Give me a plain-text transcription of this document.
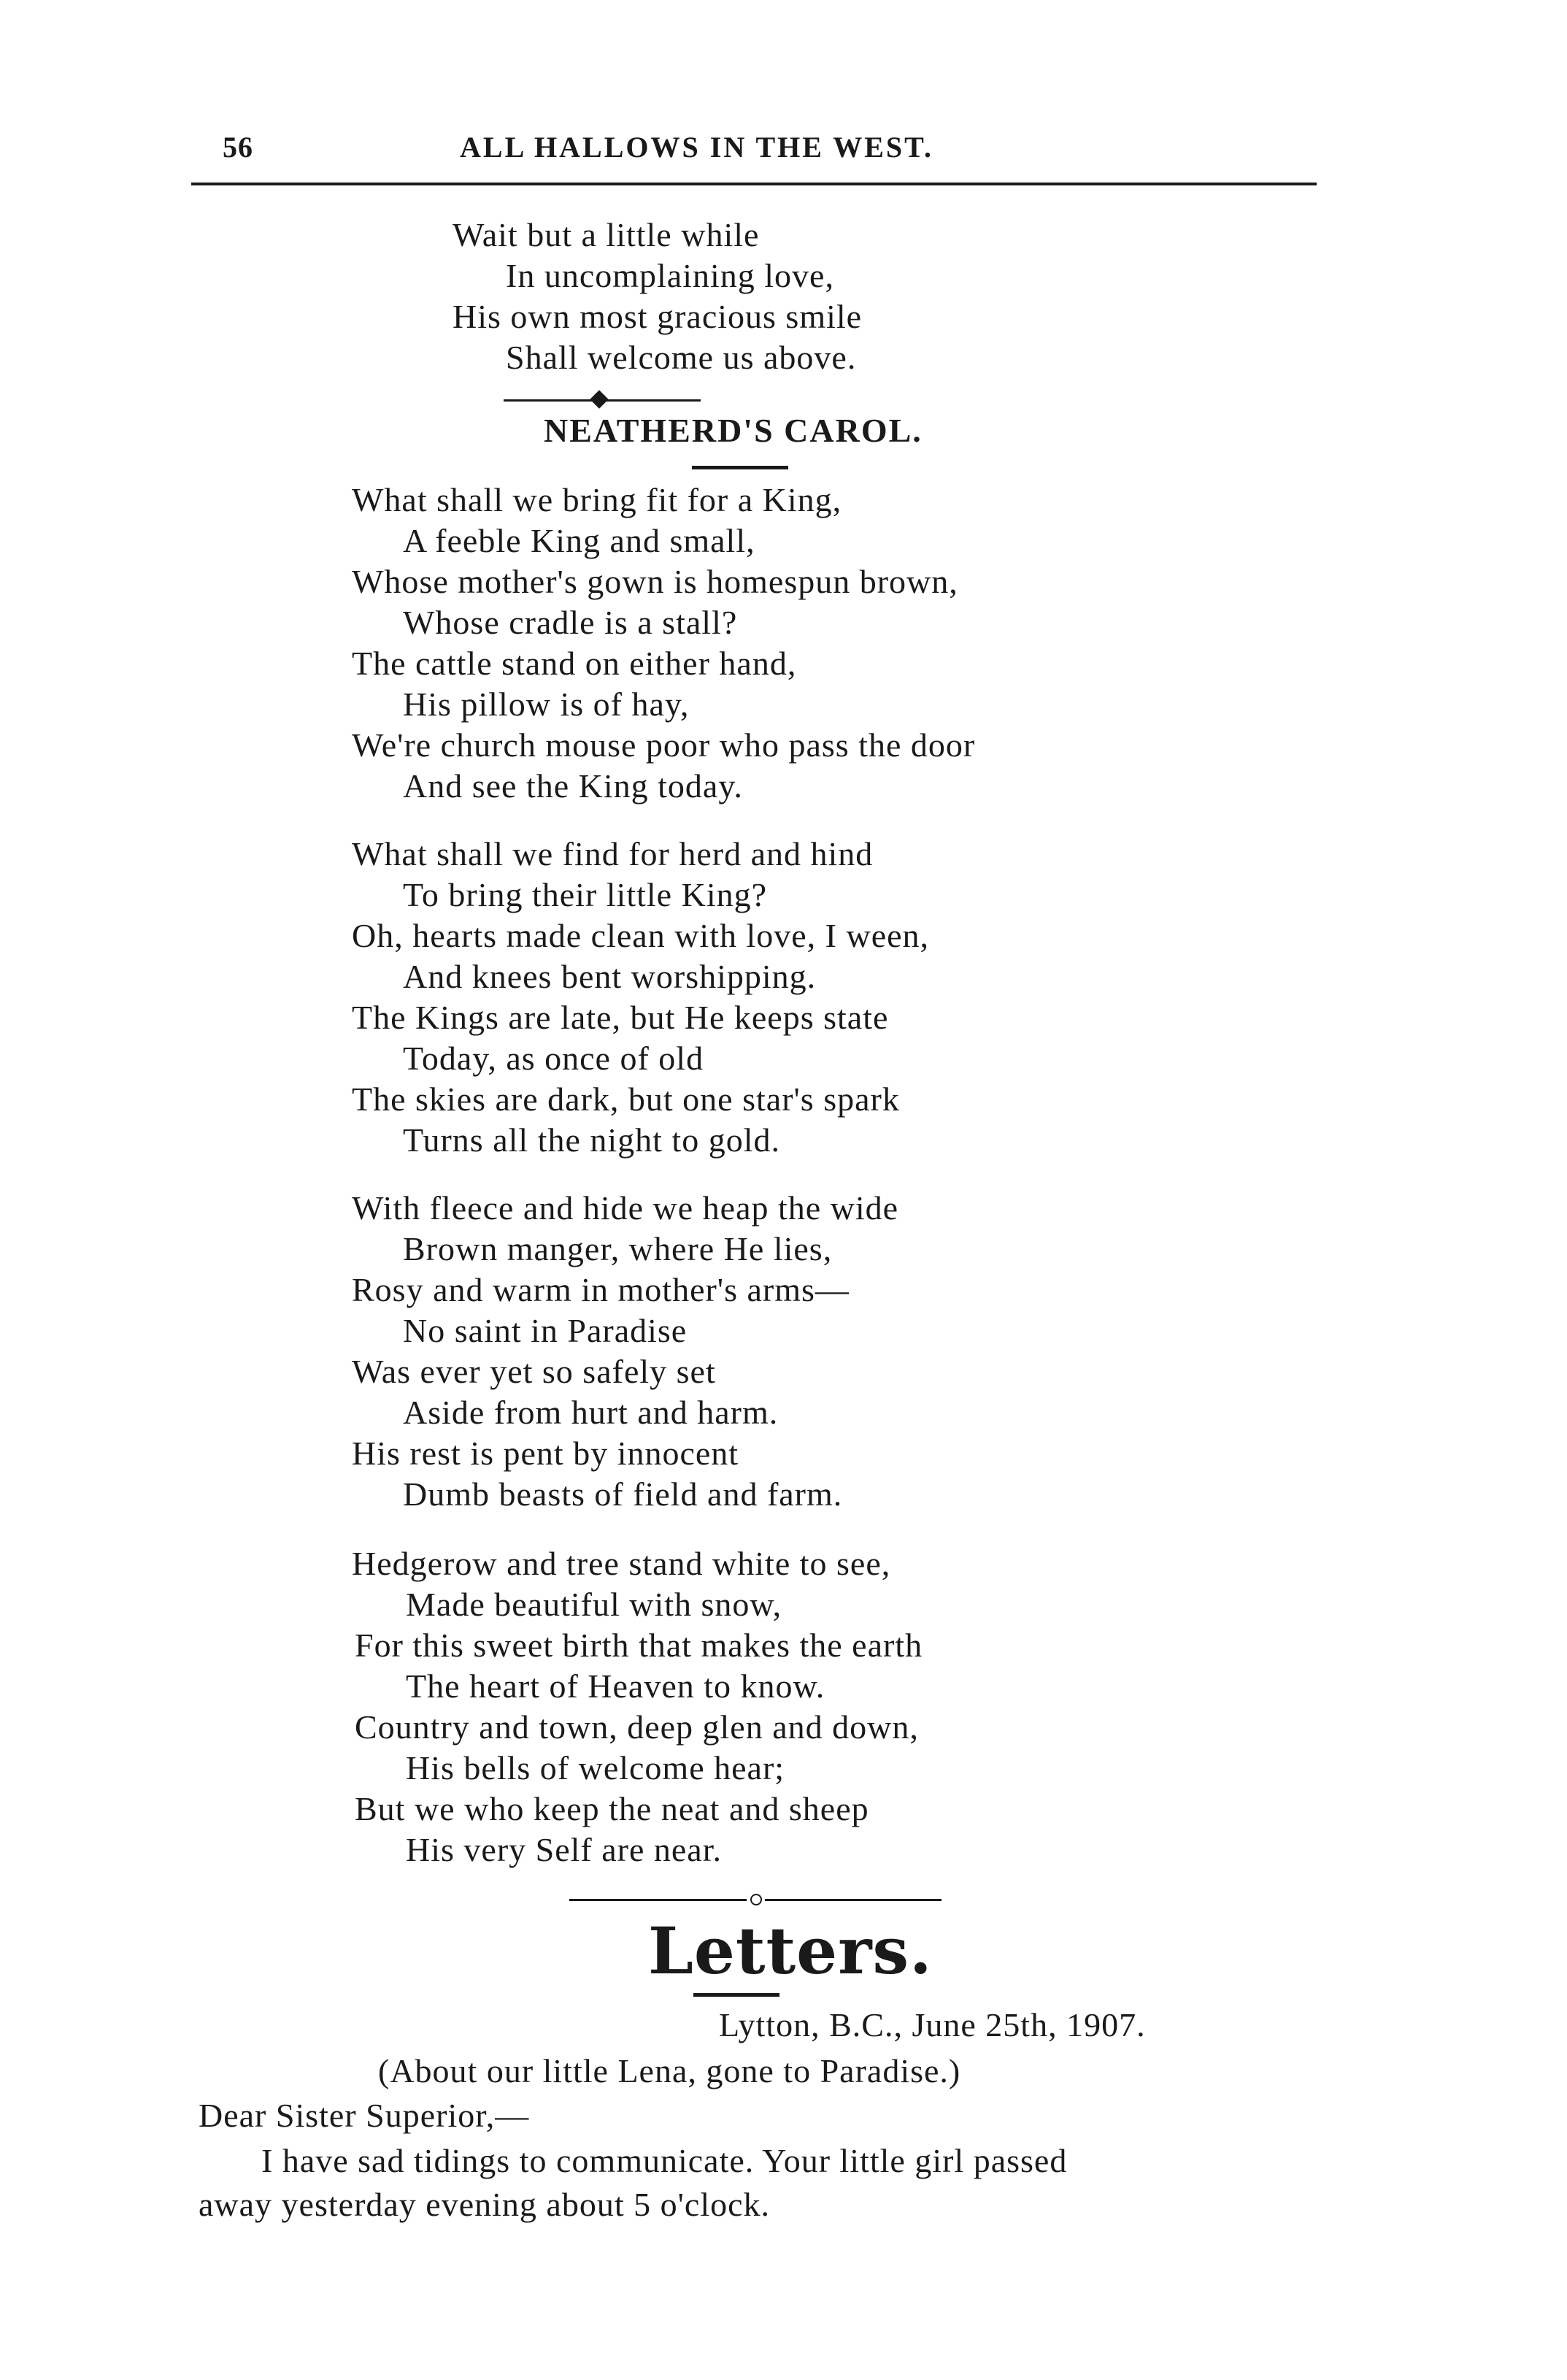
56	ALL HALLOWS IN THE WEST.
Wait but a little while
In uncomplaining love,
His own most gracious smile
Shall welcome us above.
NEATHERD'S CAROL.
What shall we bring fit for a King,
A feeble King and small,
Whose mother's gown is homespun brown,
Whose cradle is a stall?
The cattle stand on either hand,
His pillow is of hay,
We're church mouse poor who pass the door
And see the King today.
What shall we find for herd and hind
To bring their little King?
Oh, hearts made clean with love, I ween,
And knees bent worshipping.
The Kings are late, but He keeps state
Today, as once of old
The skies are dark, but one star's spark
Turns all the night to gold.
With fleece and hide we heap the wide
Brown manger, where He lies,
Rosy and warm in mother's arms—
No saint in Paradise
Was ever yet so safely set
Aside from hurt and harm.
His rest is pent by innocent
Dumb beasts of field and farm.
Hedgerow and tree stand white to see,
Made beautiful with snow,
For this sweet birth that makes the earth
The heart of Heaven to know.
Country and town, deep glen and down,
His bells of welcome hear;
But we who keep the neat and sheep
His very Self are near.
Letters.
Lytton, B.C., June 25th, 1907.
(About our little Lena, gone to Paradise.)
Dear Sister Superior,—
I have sad tidings to communicate. Your little girl passed
away yesterday evening about 5 o'clock.
